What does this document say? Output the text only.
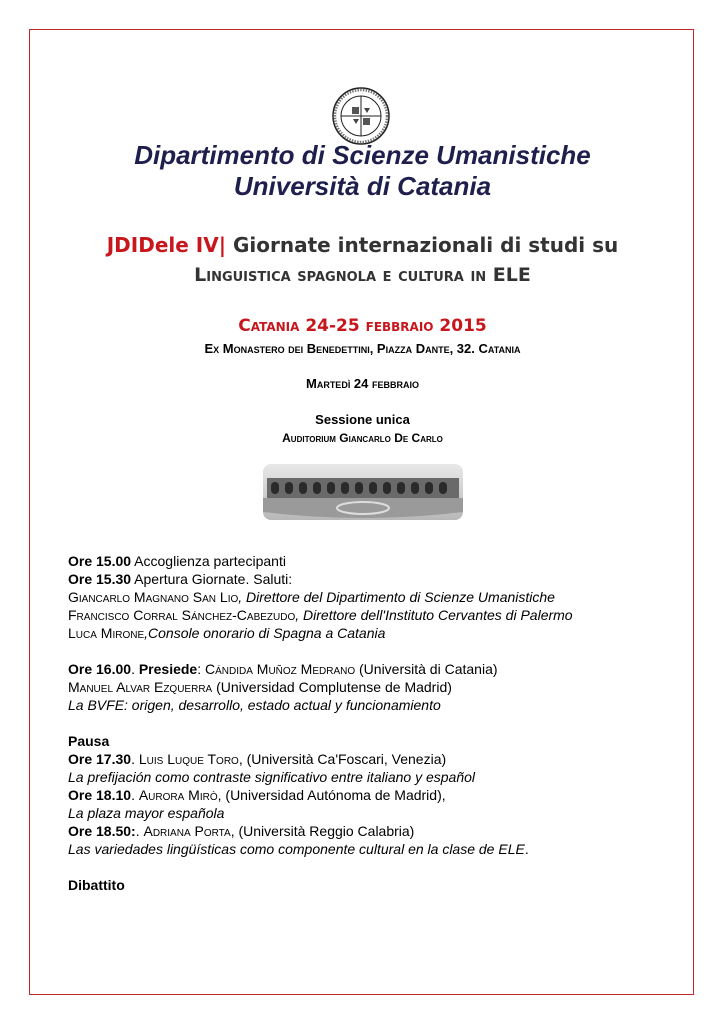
Dipartimento di Scienze Umanistiche
Università di Catania
JDIDele IV| Giornate internazionali di studi su
Linguistica spagnola e cultura in ELE
Catania 24-25 febbraio 2015
Ex Monastero dei Benedettini, Piazza Dante, 32. Catania
Martedì 24 febbraio
Sessione unica
Auditorium Giancarlo De Carlo

Ore 15.00 Accoglienza partecipanti

Ore 15.30 Apertura Giornate. Saluti:

Giancarlo Magnano San Lio, Direttore del Dipartimento di Scienze Umanistiche

Francisco Corral Sánchez-Cabezudo, Direttore dell'Instituto Cervantes di Palermo

Luca Mirone,Console onorario di Spagna a Catania

Ore 16.00. Presiede: Cándida Muñoz Medrano (Università di Catania)

Manuel Alvar Ezquerra (Universidad Complutense de Madrid)

La BVFE: origen, desarrollo, estado actual y funcionamiento

Pausa

Ore 17.30. Luis Luque Toro, (Università Ca'Foscari, Venezia)

La prefijación como contraste significativo entre italiano y español

Ore 18.10. Aurora Mirò, (Universidad Autónoma de Madrid),

La plaza mayor española

Ore 18.50:. Adriana Porta, (Università Reggio Calabria)

Las variedades lingüísticas como componente cultural en la clase de ELE.

Dibattito
